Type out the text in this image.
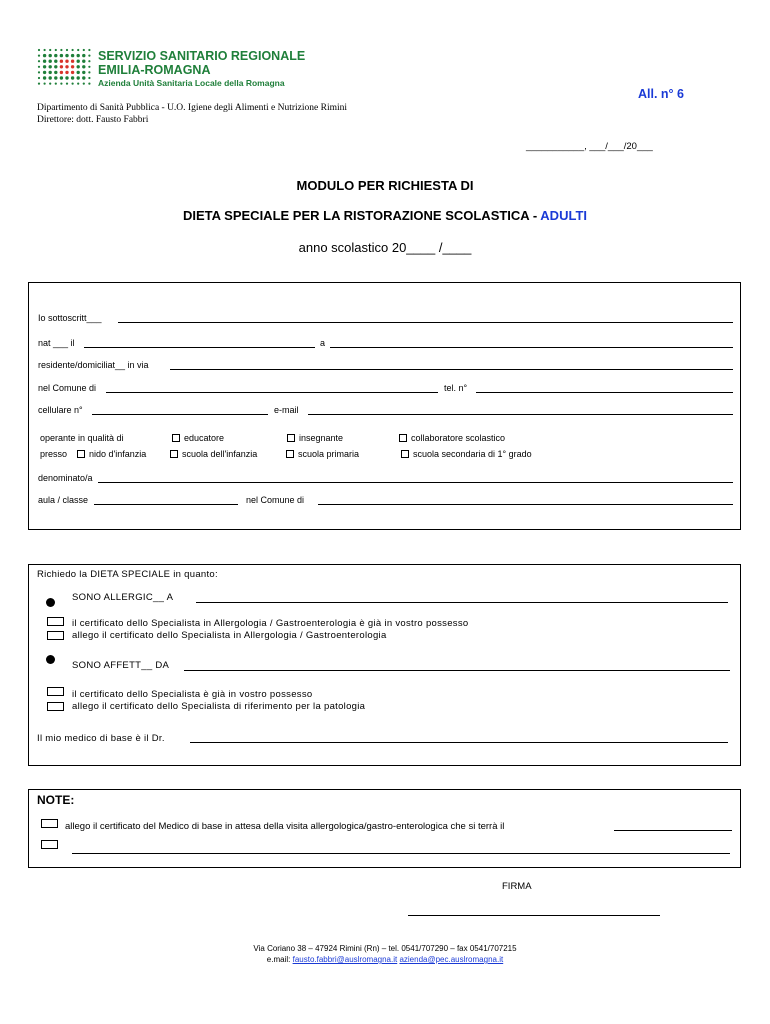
SERVIZIO SANITARIO REGIONALE
EMILIA-ROMAGNA
Azienda Unità Sanitaria Locale della Romagna
All. n° 6
Dipartimento di Sanità Pubblica - U.O. Igiene degli Alimenti e Nutrizione Rimini
Direttore: dott. Fausto Fabbri
___________, ___/___/20___
MODULO PER RICHIESTA DI
DIETA SPECIALE PER LA RISTORAZIONE SCOLASTICA - ADULTI
anno scolastico 20____ /____
Io sottoscritt___
nat ___ il	a
residente/domiciliat__ in via
nel Comune di	tel. n°
cellulare n°	e-mail
operante in qualità di	educatore	insegnante	collaboratore scolastico
presso	nido d'infanzia	scuola dell'infanzia	scuola primaria	scuola secondaria di 1° grado
denominato/a
aula / classe	nel Comune di
Richiedo la DIETA SPECIALE in quanto:
SONO ALLERGIC__ A
il certificato dello Specialista in Allergologia / Gastroenterologia è già in vostro possesso
allego il certificato dello Specialista in Allergologia / Gastroenterologia
SONO AFFETT__ DA
il certificato dello Specialista è già in vostro possesso
allego il certificato dello Specialista di riferimento per la patologia
Il mio medico di base è il Dr.
NOTE:
allego il certificato del Medico di base in attesa della visita allergologica/gastro-enterologica che si terrà il
FIRMA
Via Coriano 38 – 47924 Rimini (Rn) – tel. 0541/707290 – fax 0541/707215
e.mail: fausto.fabbri@auslromagna.it azienda@pec.auslromagna.it
